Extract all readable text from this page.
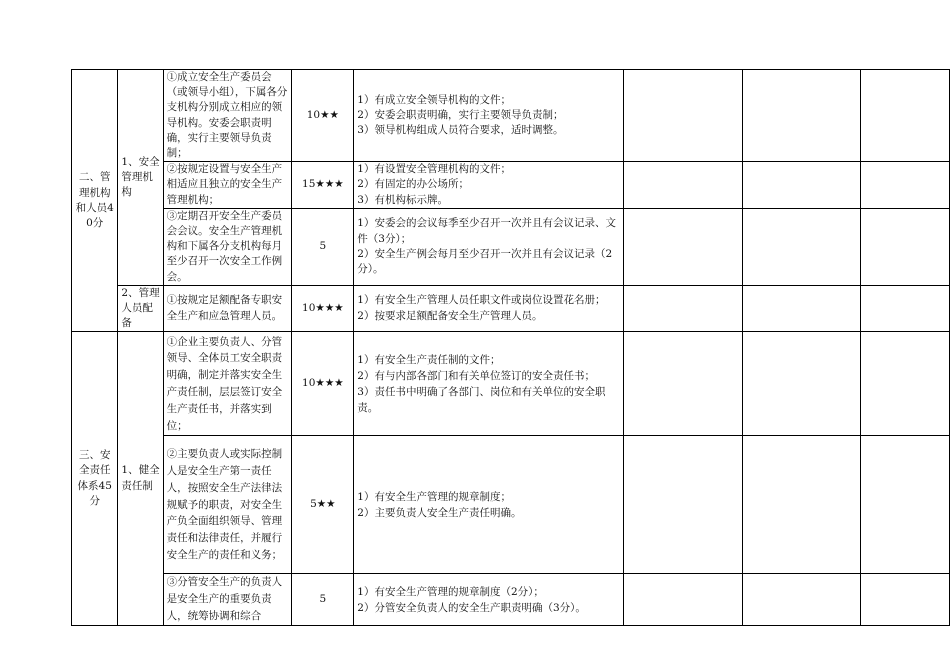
二、管理机构和人员40分	1、安全管理机构	①成立安全生产委员会（或领导小组），下属各分支机构分别成立相应的领导机构。安委会职责明确，实行主要领导负责制；	10★★	1）有成立安全领导机构的文件；
2）安委会职责明确，实行主要领导负责制；
3）领导机构组成人员符合要求，适时调整。			

		②按规定设置与安全生产相适应且独立的安全生产管理机构；	15★★★	1）有设置安全管理机构的文件；
2）有固定的办公场所；
3）有机构标示牌。			

		③定期召开安全生产委员会会议。安全生产管理机构和下属各分支机构每月至少召开一次安全工作例会。	5	1）安委会的会议每季至少召开一次并且有会议记录、文件（3分）；
2）安全生产例会每月至少召开一次并且有会议记录（2分）。			

	2、管理人员配备	①按规定足额配备专职安全生产和应急管理人员。	10★★★	1）有安全生产管理人员任职文件或岗位设置花名册；
2）按要求足额配备安全生产管理人员。			

三、安全责任体系45分	1、健全责任制	①企业主要负责人、分管领导、全体员工安全职责明确，制定并落实安全生产责任制，层层签订安全生产责任书，并落实到位；	10★★★	1）有安全生产责任制的文件；
2）有与内部各部门和有关单位签订的安全责任书；
3）责任书中明确了各部门、岗位和有关单位的安全职责。			

		②主要负责人或实际控制人是安全生产第一责任人，按照安全生产法律法规赋予的职责，对安全生产负全面组织领导、管理责任和法律责任，并履行安全生产的责任和义务；	5★★	1）有安全生产管理的规章制度；
2）主要负责人安全生产责任明确。			

		③分管安全生产的负责人是安全生产的重要负责人，统筹协调和综合	5	1）有安全生产管理的规章制度（2分）；
2）分管安全负责人的安全生产职责明确（3分）。			
